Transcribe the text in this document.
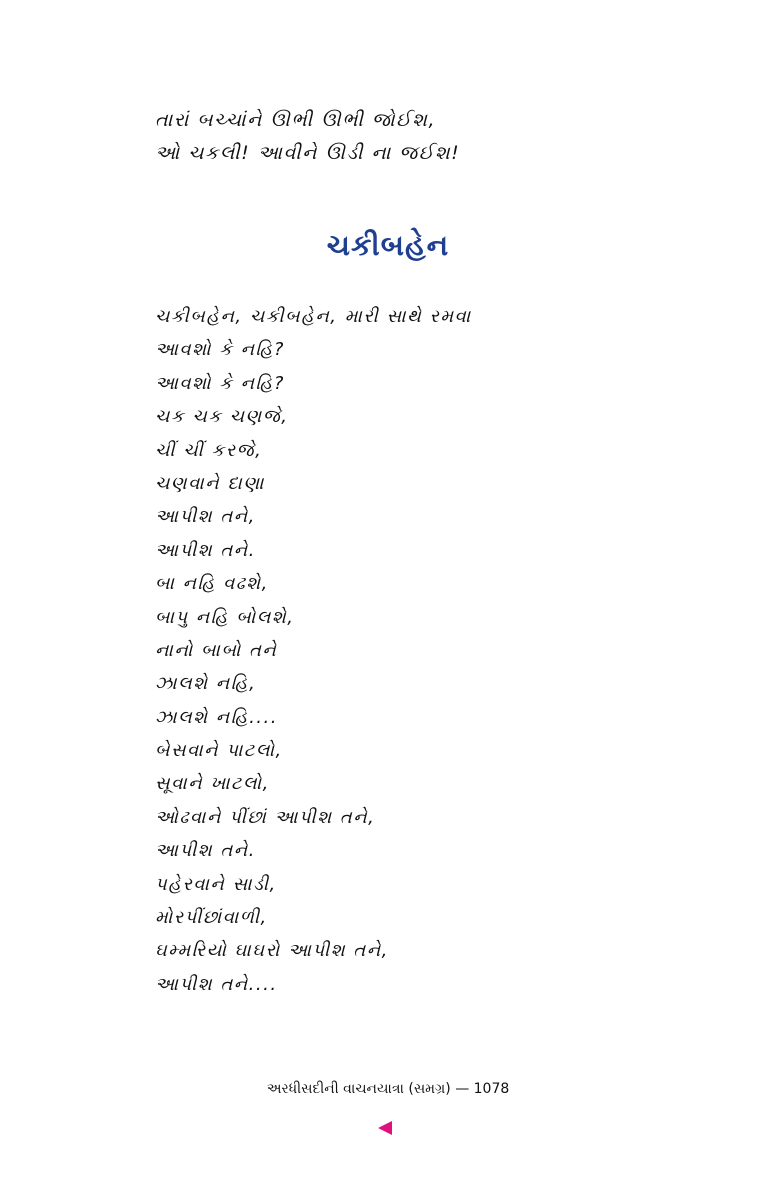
તારાં બચ્ચાંને ઊભી ઊભી જોઈશ,
ઓ ચકલી! આવીને ઊડી ના જઈશ!
ચકીબહેન
ચકીબહેન, ચકીબહેન, મારી સાથે રમવા
આવશો કે નહિ?
આવશો કે નહિ?
ચક ચક ચણજે,
ચીં ચીં કરજે,
ચણવાને દાણા
આપીશ તને,
આપીશ તને.
બા નહિ વઢશે,
બાપુ નહિ બોલશે,
નાનો બાબો તને
ઝાલશે નહિ,
ઝાલશે નહિ....
બેસવાને પાટલો,
સૂવાને ખાટલો,
ઓઢવાને પીંછાં આપીશ તને,
આપીશ તને.
પહેરવાને સાડી,
મોરપીંછાંવાળી,
ઘમ્મરિયો ઘાઘરો આપીશ તને,
આપીશ તને....
અરધીસદીની વાચનયાત્રા (સમગ્ર) — 1078
